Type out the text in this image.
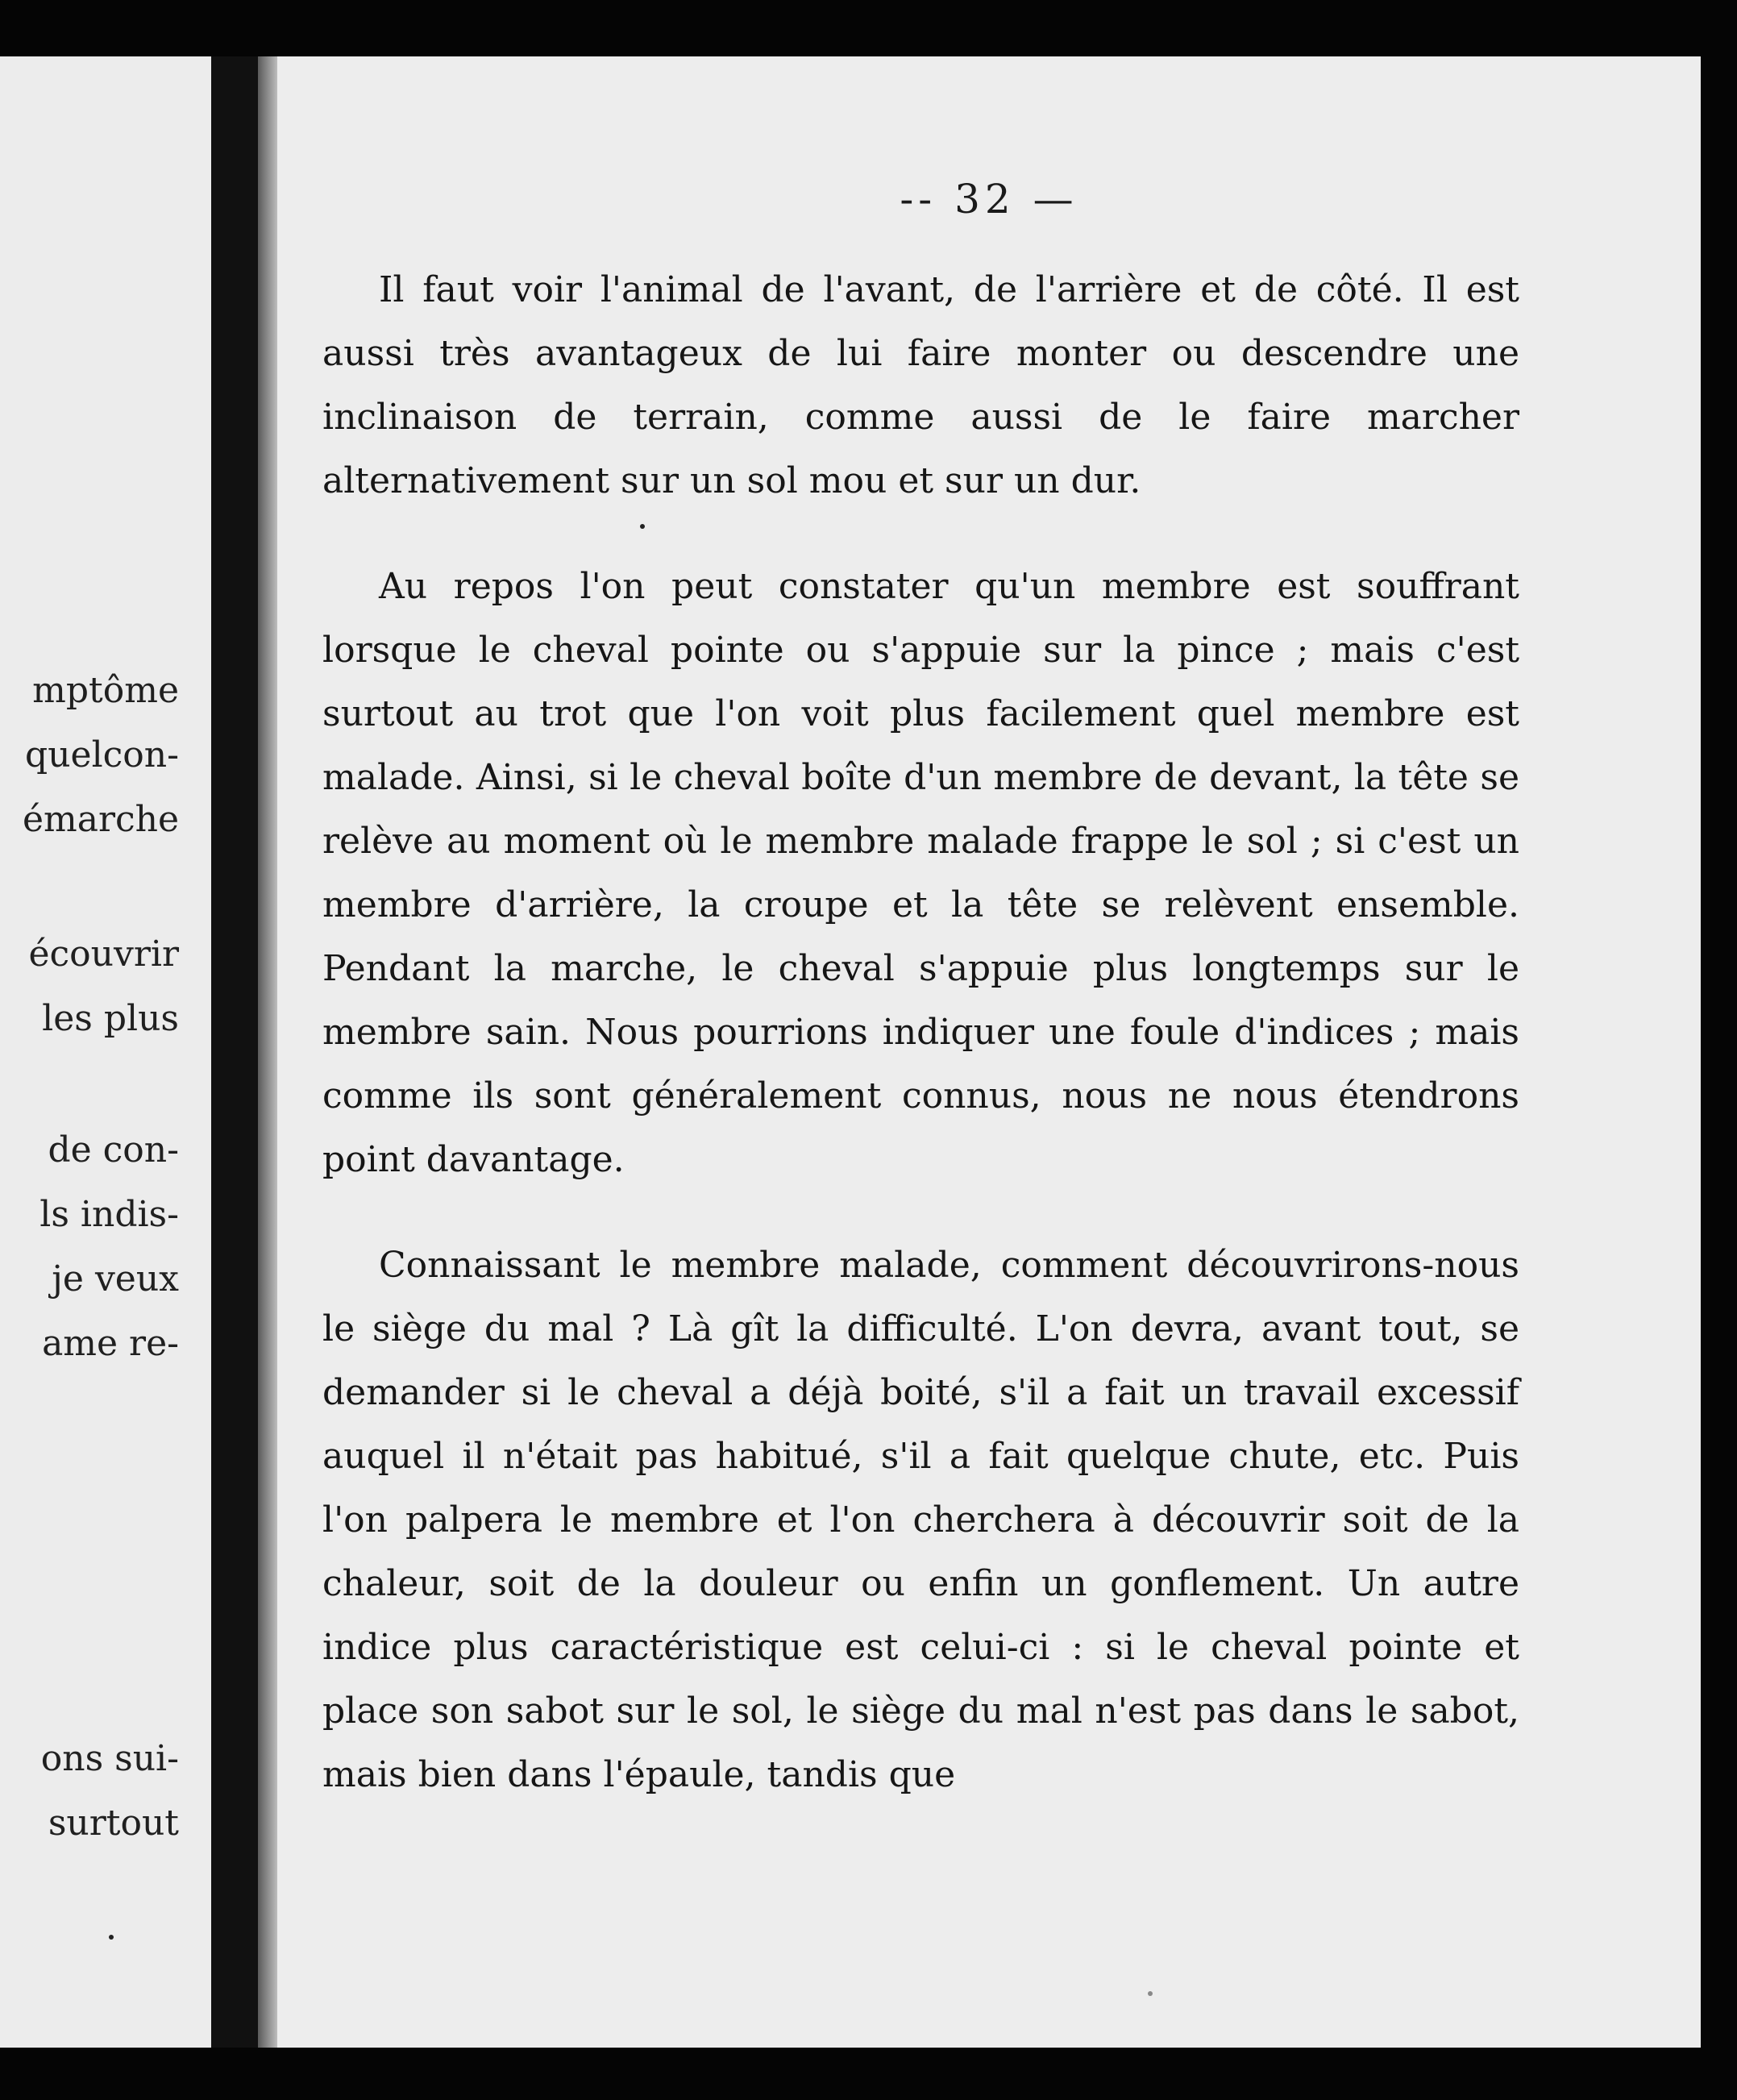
mptôme
quelcon-
émarche
écouvrir
les plus
de con-
ls indis-
je veux
ame re-
ons sui-
surtout
-- 32 —

Il faut voir l'animal de l'avant, de l'arrière et de côté. Il est aussi très avantageux de lui faire monter ou descendre une inclinaison de terrain, comme aussi de le faire marcher alternativement sur un sol mou et sur un dur.

Au repos l'on peut constater qu'un membre est souffrant lorsque le cheval pointe ou s'appuie sur la pince ; mais c'est surtout au trot que l'on voit plus facilement quel membre est malade. Ainsi, si le cheval boîte d'un membre de devant, la tête se relève au moment où le membre malade frappe le sol ; si c'est un membre d'arrière, la croupe et la tête se relèvent ensemble. Pendant la marche, le cheval s'appuie plus longtemps sur le membre sain. Nous pourrions indiquer une foule d'indices ; mais comme ils sont généralement connus, nous ne nous étendrons point davantage.

Connaissant le membre malade, comment découvrirons-nous le siège du mal ? Là gît la difficulté. L'on devra, avant tout, se demander si le cheval a déjà boité, s'il a fait un travail excessif auquel il n'était pas habitué, s'il a fait quelque chute, etc. Puis l'on palpera le membre et l'on cherchera à découvrir soit de la chaleur, soit de la douleur ou enfin un gonflement. Un autre indice plus caractéristique est celui-ci : si le cheval pointe et place son sabot sur le sol, le siège du mal n'est pas dans le sabot, mais bien dans l'épaule, tandis que
